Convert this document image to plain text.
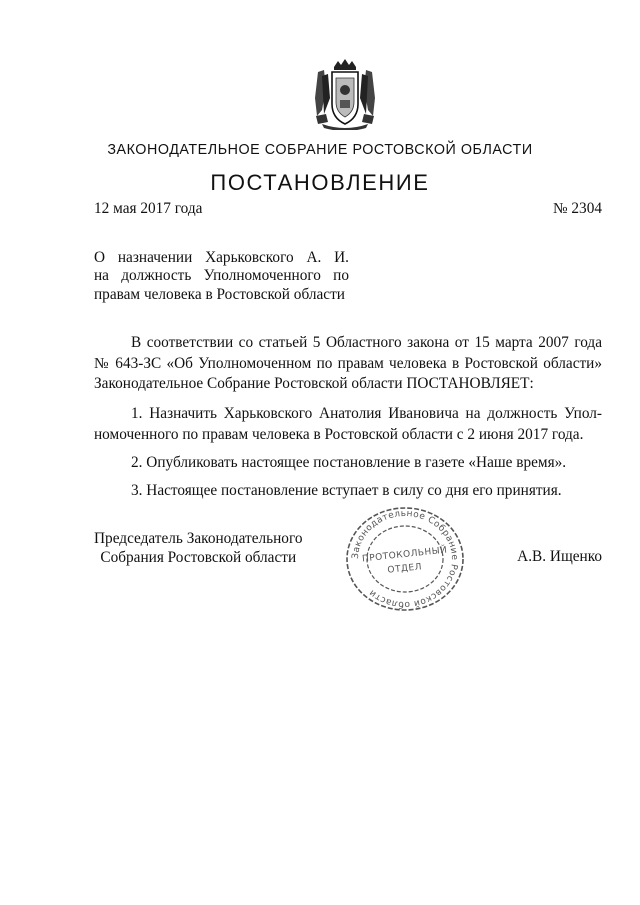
ЗАКОНОДАТЕЛЬНОЕ СОБРАНИЕ РОСТОВСКОЙ ОБЛАСТИ
ПОСТАНОВЛЕНИЕ
12 мая 2017 года	№ 2304
О назначении Харьковского А. И.
на должность Уполномоченного по
правам человека в Ростовской области
В соответствии со статьей 5 Областного закона от 15 марта 2007 года
№ 643-ЗС «Об Уполномоченном по правам человека в Ростовской области»
Законодательное Собрание Ростовской области ПОСТАНОВЛЯЕТ:
1. Назначить Харьковского Анатолия Ивановича на должность Упол-
номоченного по правам человека в Ростовской области с 2 июня 2017 года.
2. Опубликовать настоящее постановление в газете «Наше время».
3. Настоящее постановление вступает в силу со дня его принятия.
Председатель Законодательного
Собрания Ростовской области	Законодательное Собрание Ростовской области
ПРОТОКОЛЬНЫЙ
ОТДЕЛ
А.В. Ищенко
